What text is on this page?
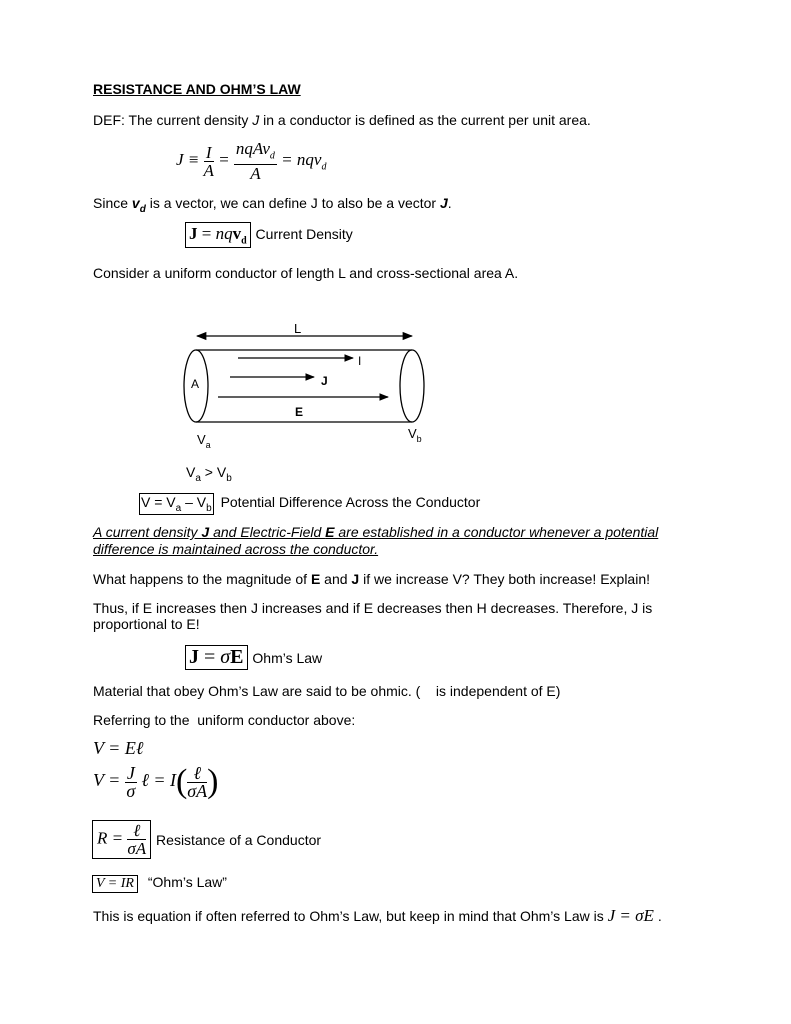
RESISTANCE AND OHM’S LAW
DEF: The current density J in a conductor is defined as the current per unit area.
$J \equiv \frac{I}{A} = \frac{nqAv_d}{A} = nqv_d$
Since $v_d$ is a vector, we can define J to also be a vector J.
J = nqv$_d$ Current Density
Consider a uniform conductor of length L and cross-sectional area A.
L
I
J
E
A
$V_a$
$V_b$
$V_a > V_b$
$V = V_a - V_b$ Potential Difference Across the Conductor
A current density J and Electric-Field E are established in a conductor whenever a potential
difference is maintained across the conductor.
What happens to the magnitude of E and J if we increase V? They both increase! Explain!
Thus, if E increases then J increases and if E decreases then H decreases. Therefore, J is
proportional to E!
J = σE Ohm’s Law
Material that obey Ohm’s Law are said to be ohmic. (    is independent of E)
Referring to the  uniform conductor above:
V = Eℓ
$V = \frac{J}{\sigma}$ ℓ = $I( \frac{\text{ℓ}}{\sigma A}$ )
$R = \frac{\text{ℓ}}{\sigma A}$ Resistance of a Conductor
V = IR “Ohm’s Law”
This is equation if often referred to Ohm’s Law, but keep in mind that Ohm’s Law is J = σE .
